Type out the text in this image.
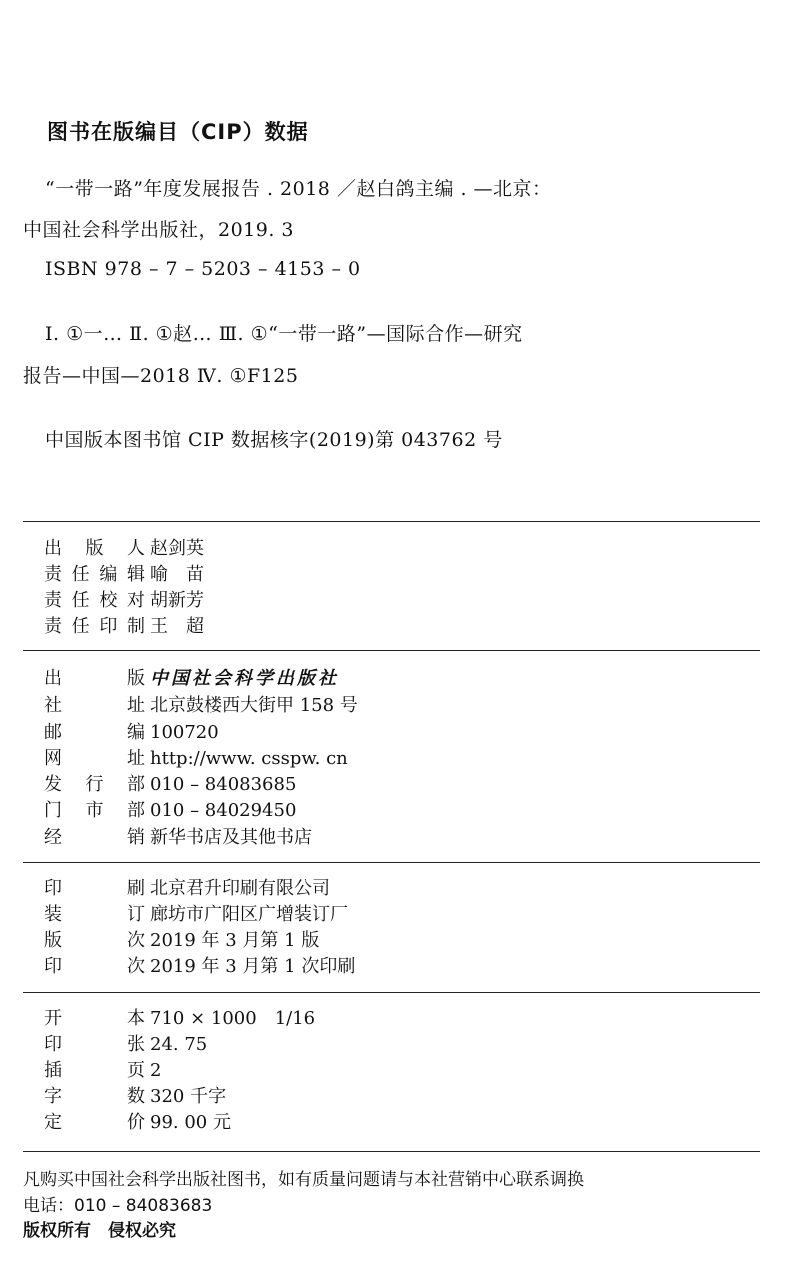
图书在版编目（CIP）数据
“一带一路”年度发展报告 . 2018 ／赵白鸽主编 . —北京：
中国社会科学出版社，2019. 3
ISBN 978 – 7 – 5203 – 4153 – 0
Ⅰ. ①一… Ⅱ. ①赵… Ⅲ. ①“一带一路”—国际合作—研究
报告—中国—2018 Ⅳ. ①F125
中国版本图书馆 CIP 数据核字(2019)第 043762 号
出版人 赵剑英
责任编辑 喻　苗
责任校对 胡新芳
责任印制 王　超
出版 中国社会科学出版社
社址 北京鼓楼西大街甲 158 号
邮编 100720
网址 http://www. csspw. cn
发行部 010 – 84083685
门市部 010 – 84029450
经销 新华书店及其他书店
印刷 北京君升印刷有限公司
装订 廊坊市广阳区广增装订厂
版次 2019 年 3 月第 1 版
印次 2019 年 3 月第 1 次印刷
开本 710 × 1000　1/16
印张 24. 75
插页 2
字数 320 千字
定价 99. 00 元
凡购买中国社会科学出版社图书，如有质量问题请与本社营销中心联系调换
电话：010 – 84083683
版权所有　侵权必究
